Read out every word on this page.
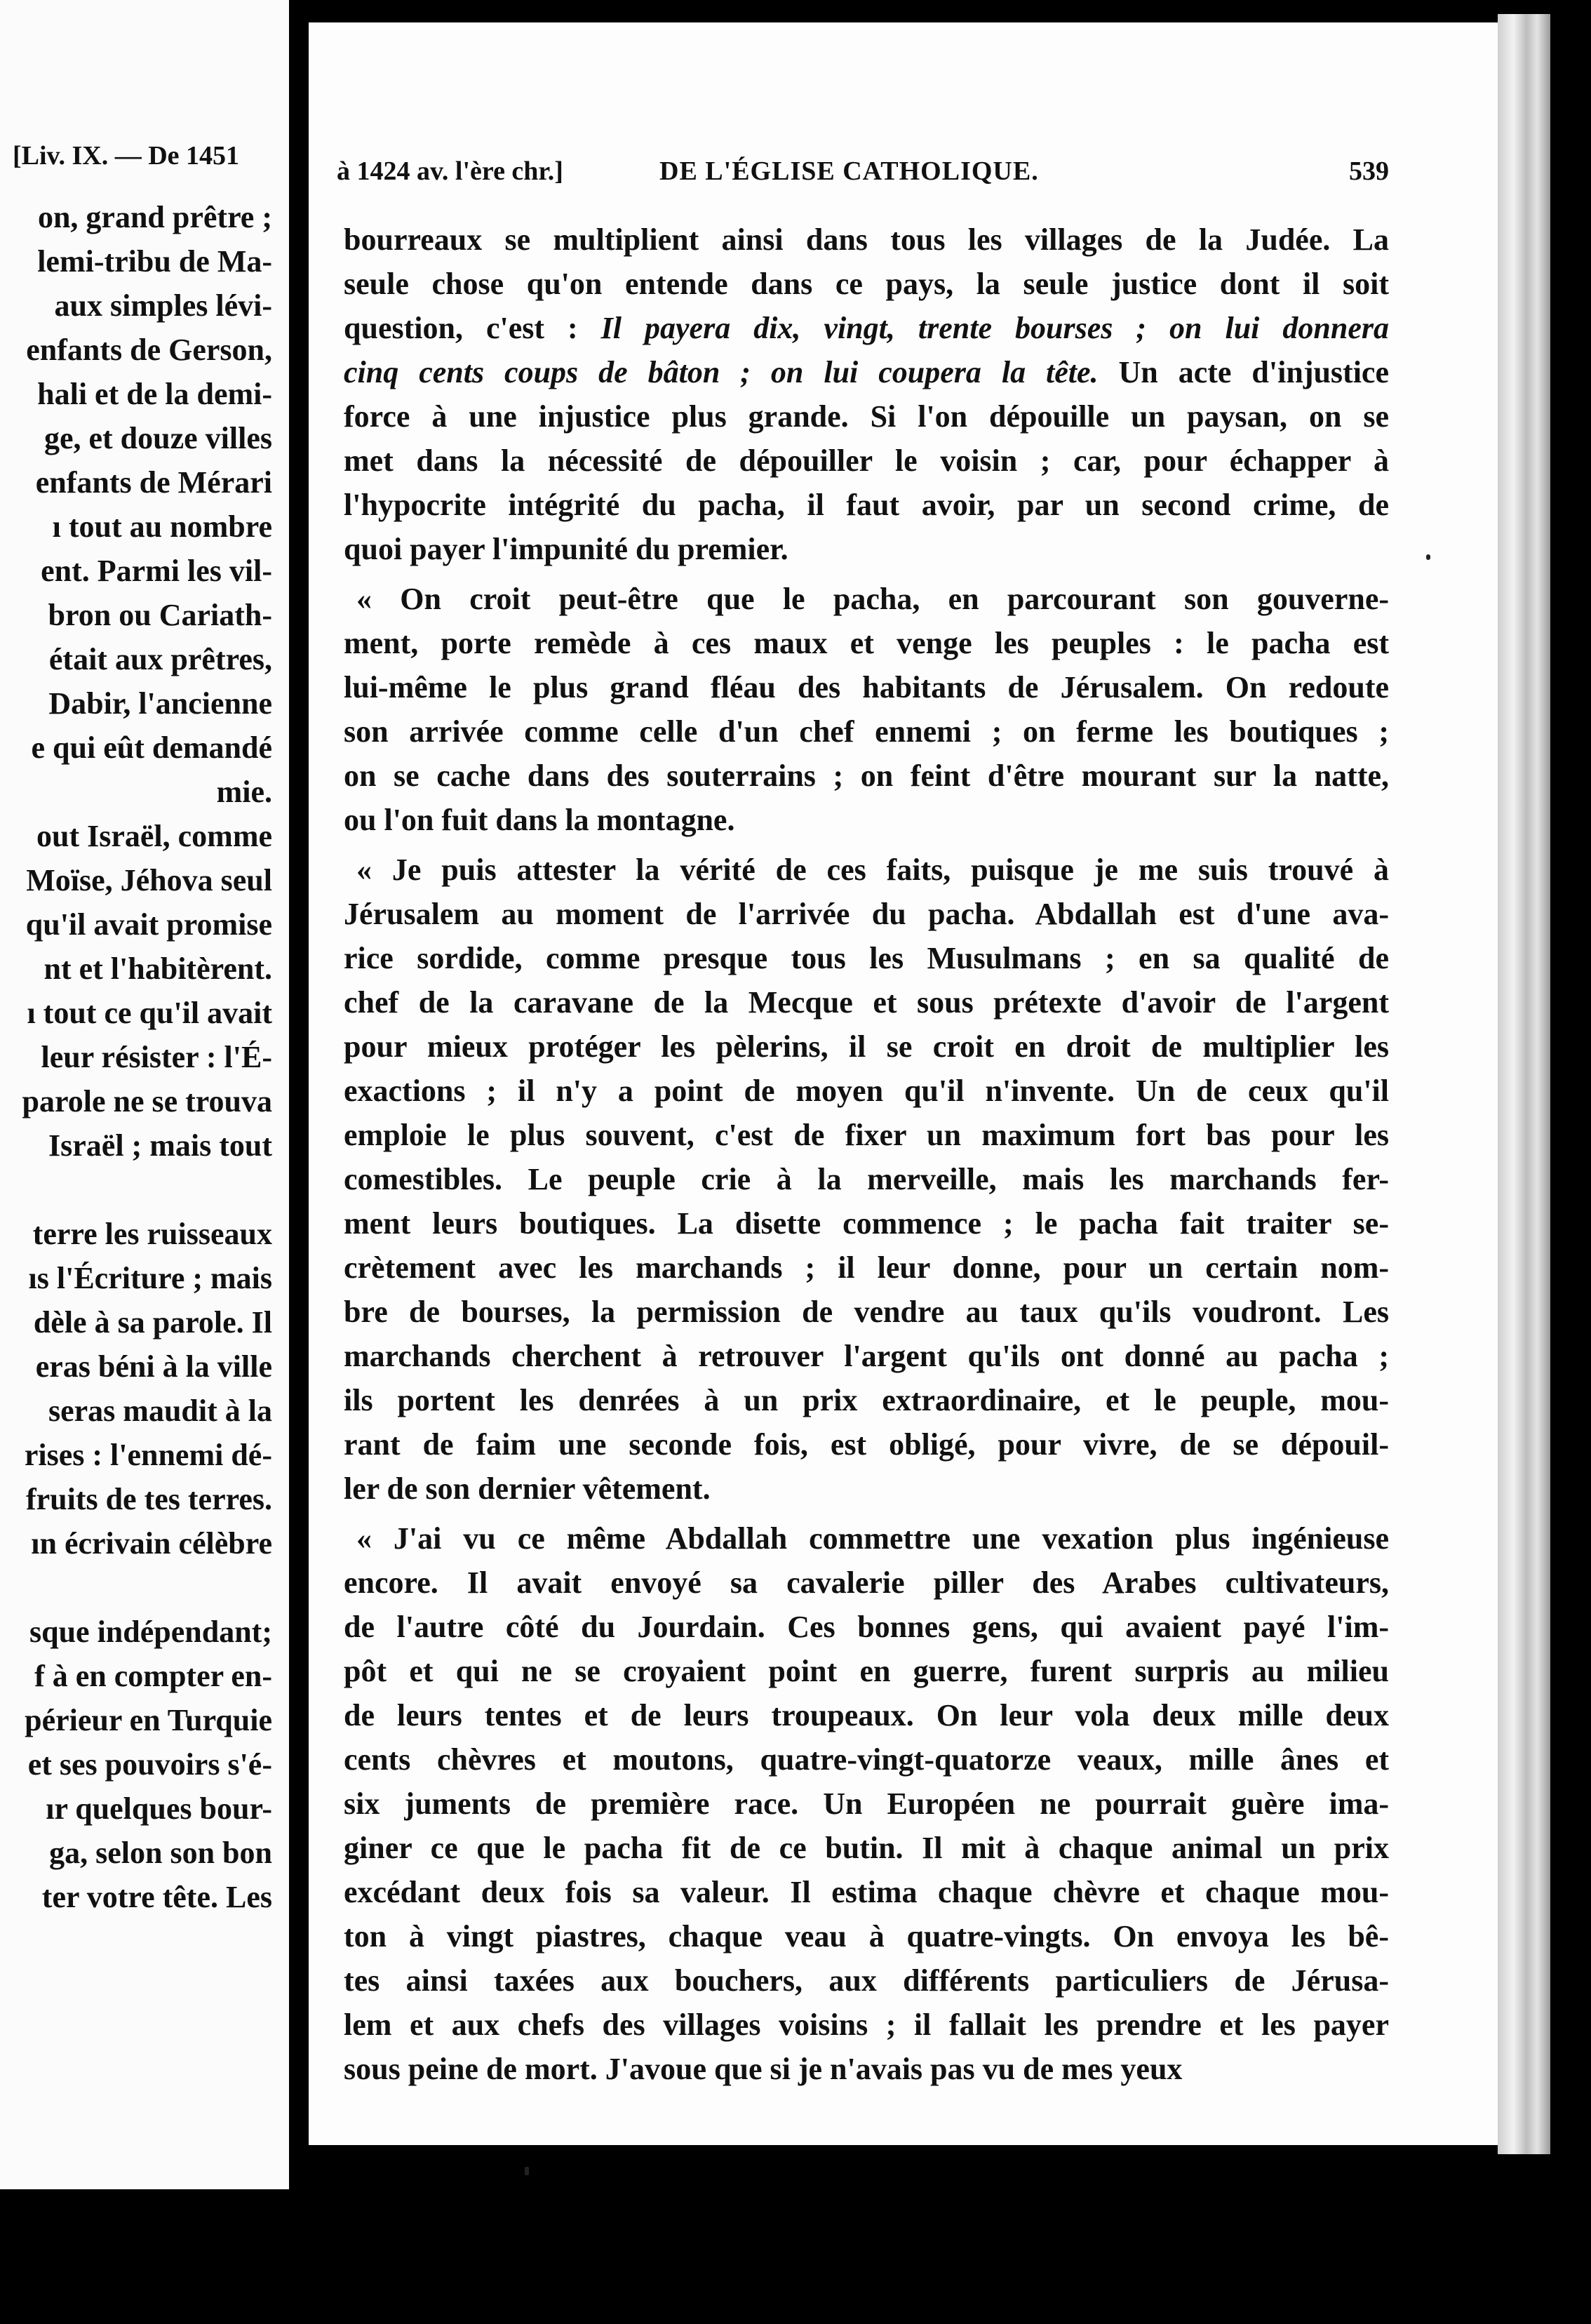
[Liv. IX. — De 1451
on, grand prêtre ;
lemi-tribu de Ma-
aux simples lévi-
enfants de Gerson,
hali et de la demi-
ge, et douze villes
enfants de Mérari
ı tout au nombre
ent. Parmi les vil-
bron ou Cariath-
était aux prêtres,
Dabir, l'ancienne
e qui eût demandé
mie.
out Israël, comme
Moïse, Jéhova seul
qu'il avait promise
nt et l'habitèrent.
ı tout ce qu'il avait
leur résister : l'É-
parole ne se trouva
Israël ; mais tout
terre les ruisseaux
ıs l'Écriture ; mais
dèle à sa parole. Il
eras béni à la ville
seras maudit à la
rises : l'ennemi dé-
fruits de tes terres.
ın écrivain célèbre
sque indépendant;
f à en compter en-
périeur en Turquie
et ses pouvoirs s'é-
ır quelques bour-
ga, selon son bon
ter votre tête. Les
à 1424 av. l'ère chr.]	DE L'ÉGLISE CATHOLIQUE.	539
bourreaux se multiplient ainsi dans tous les villages de la Judée. La
seule chose qu'on entende dans ce pays, la seule justice dont il soit
question, c'est : Il payera dix, vingt, trente bourses ; on lui donnera
cinq cents coups de bâton ; on lui coupera la tête. Un acte d'injustice
force à une injustice plus grande. Si l'on dépouille un paysan, on se
met dans la nécessité de dépouiller le voisin ; car, pour échapper à
l'hypocrite intégrité du pacha, il faut avoir, par un second crime, de
quoi payer l'impunité du premier.
« On croit peut-être que le pacha, en parcourant son gouverne-
ment, porte remède à ces maux et venge les peuples : le pacha est
lui-même le plus grand fléau des habitants de Jérusalem. On redoute
son arrivée comme celle d'un chef ennemi ; on ferme les boutiques ;
on se cache dans des souterrains ; on feint d'être mourant sur la natte,
ou l'on fuit dans la montagne.
« Je puis attester la vérité de ces faits, puisque je me suis trouvé à
Jérusalem au moment de l'arrivée du pacha. Abdallah est d'une ava-
rice sordide, comme presque tous les Musulmans ; en sa qualité de
chef de la caravane de la Mecque et sous prétexte d'avoir de l'argent
pour mieux protéger les pèlerins, il se croit en droit de multiplier les
exactions ; il n'y a point de moyen qu'il n'invente. Un de ceux qu'il
emploie le plus souvent, c'est de fixer un maximum fort bas pour les
comestibles. Le peuple crie à la merveille, mais les marchands fer-
ment leurs boutiques. La disette commence ; le pacha fait traiter se-
crètement avec les marchands ; il leur donne, pour un certain nom-
bre de bourses, la permission de vendre au taux qu'ils voudront. Les
marchands cherchent à retrouver l'argent qu'ils ont donné au pacha ;
ils portent les denrées à un prix extraordinaire, et le peuple, mou-
rant de faim une seconde fois, est obligé, pour vivre, de se dépouil-
ler de son dernier vêtement.
« J'ai vu ce même Abdallah commettre une vexation plus ingénieuse
encore. Il avait envoyé sa cavalerie piller des Arabes cultivateurs,
de l'autre côté du Jourdain. Ces bonnes gens, qui avaient payé l'im-
pôt et qui ne se croyaient point en guerre, furent surpris au milieu
de leurs tentes et de leurs troupeaux. On leur vola deux mille deux
cents chèvres et moutons, quatre-vingt-quatorze veaux, mille ânes et
six juments de première race. Un Européen ne pourrait guère ima-
giner ce que le pacha fit de ce butin. Il mit à chaque animal un prix
excédant deux fois sa valeur. Il estima chaque chèvre et chaque mou-
ton à vingt piastres, chaque veau à quatre-vingts. On envoya les bê-
tes ainsi taxées aux bouchers, aux différents particuliers de Jérusa-
lem et aux chefs des villages voisins ; il fallait les prendre et les payer
sous peine de mort. J'avoue que si je n'avais pas vu de mes yeux
